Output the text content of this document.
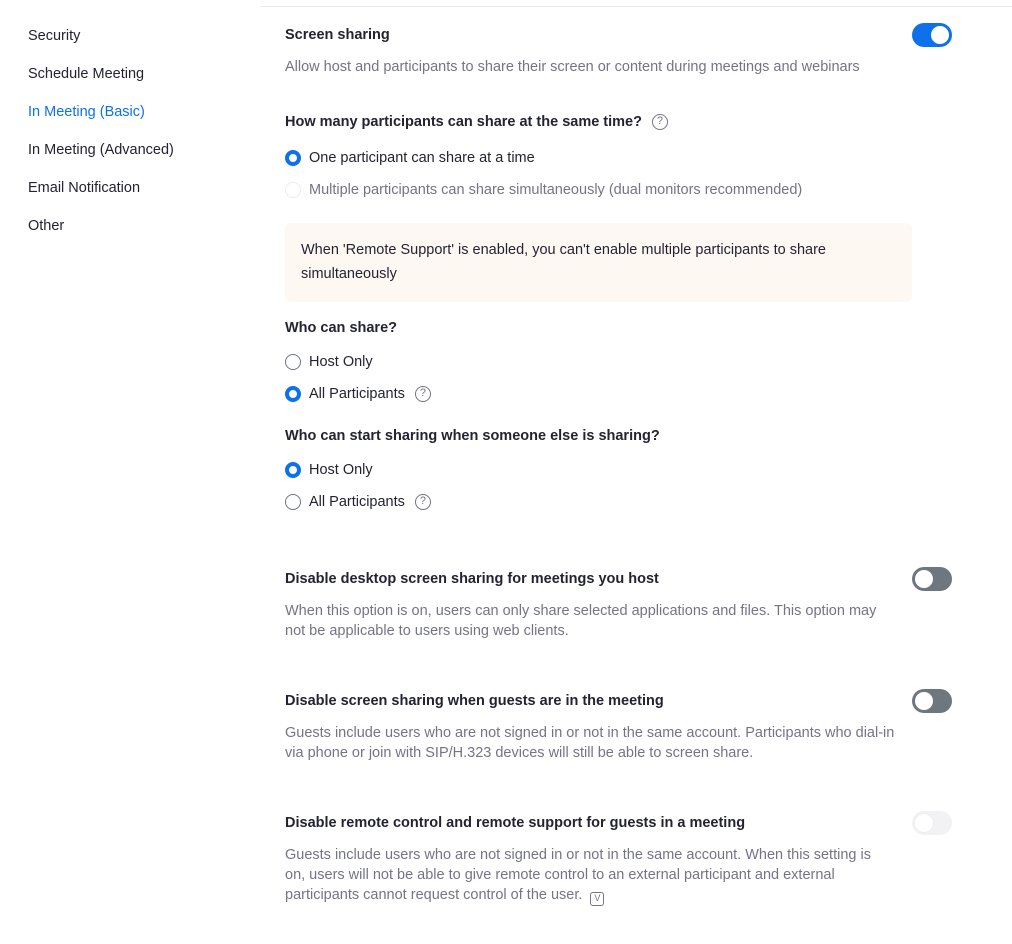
Security
Schedule Meeting
In Meeting (Basic)
In Meeting (Advanced)
Email Notification
Other
Screen sharing
Allow host and participants to share their screen or content during meetings and webinars
How many participants can share at the same time?	?
One participant can share at a time
Multiple participants can share simultaneously (dual monitors recommended)
When 'Remote Support' is enabled, you can't enable multiple participants to share simultaneously
Who can share?
Host Only
All Participants	?
Who can start sharing when someone else is sharing?
Host Only
All Participants	?
Disable desktop screen sharing for meetings you host
When this option is on, users can only share selected applications and files. This option may not be applicable to users using web clients.
Disable screen sharing when guests are in the meeting
Guests include users who are not signed in or not in the same account. Participants who dial-in via phone or join with SIP/H.323 devices will still be able to screen share.
Disable remote control and remote support for guests in a meeting
Guests include users who are not signed in or not in the same account. When this setting is on, users will not be able to give remote control to an external participant and external participants cannot request control of the user. V
